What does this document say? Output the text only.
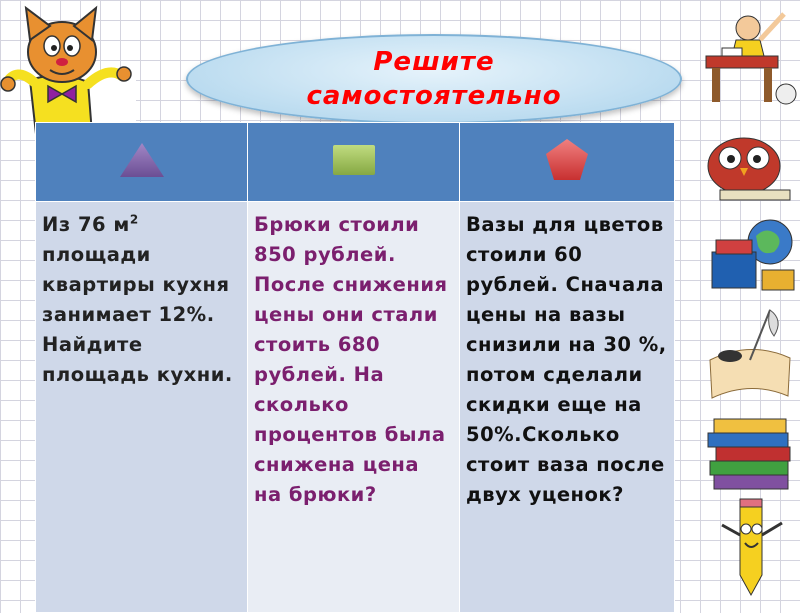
Решите
самостоятельно

Из 76 $м^2$ площади квартиры кухня занимает 12%. Найдите площадь кухни.	Брюки стоили 850 рублей. После снижения цены они стали стоить 680 рублей. На сколько процентов была снижена цена на брюки?	Вазы для цветов стоили 60 рублей. Сначала цены на вазы снизили на 30 %, потом сделали скидки еще на 50%.Сколько стоит ваза после двух уценок?
